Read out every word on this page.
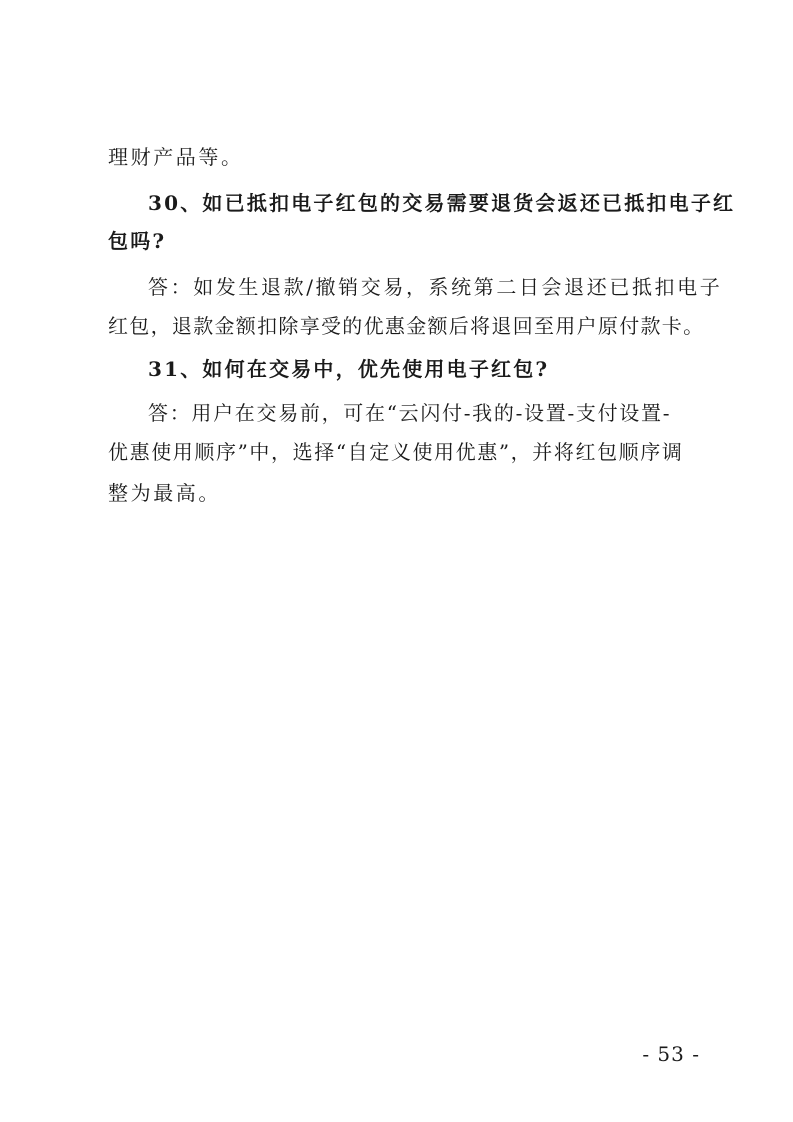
理财产品等。
30、如已抵扣电子红包的交易需要退货会返还已抵扣电子红
包吗?
答：如发生退款/撤销交易，系统第二日会退还已抵扣电子
红包，退款金额扣除享受的优惠金额后将退回至用户原付款卡。
31、如何在交易中，优先使用电子红包?
答：用户在交易前，可在“云闪付-我的-设置-支付设置-
优惠使用顺序”中，选择“自定义使用优惠”，并将红包顺序调
整为最高。
- 53 -
